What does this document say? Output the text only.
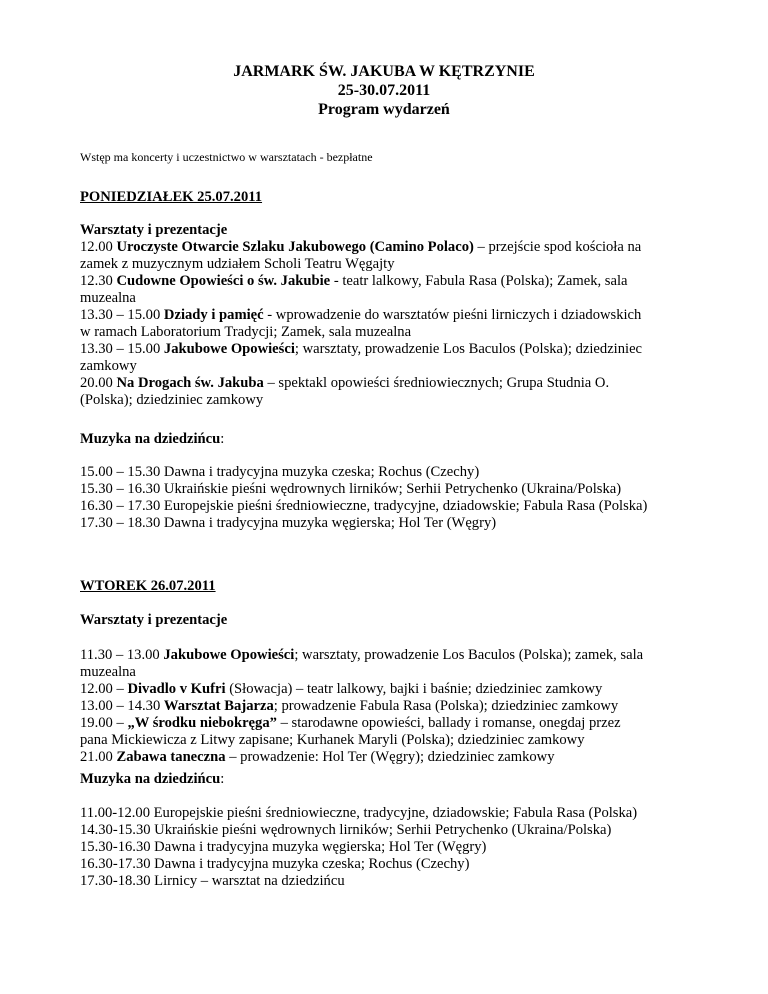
JARMARK ŚW. JAKUBA W KĘTRZYNIE
25-30.07.2011
Program wydarzeń
Wstęp ma koncerty i uczestnictwo w warsztatach - bezpłatne
PONIEDZIAŁEK 25.07.2011
Warsztaty i prezentacje
12.00 Uroczyste Otwarcie Szlaku Jakubowego (Camino Polaco) – przejście spod kościoła na
zamek z muzycznym udziałem Scholi Teatru Węgajty
12.30 Cudowne Opowieści o św. Jakubie - teatr lalkowy, Fabula Rasa (Polska); Zamek, sala
muzealna
13.30 – 15.00 Dziady i pamięć - wprowadzenie do warsztatów pieśni lirniczych i dziadowskich
w ramach Laboratorium Tradycji; Zamek, sala muzealna
13.30 – 15.00 Jakubowe Opowieści; warsztaty, prowadzenie Los Baculos (Polska); dziedziniec
zamkowy
20.00 Na Drogach św. Jakuba – spektakl opowieści średniowiecznych; Grupa Studnia O.
(Polska); dziedziniec zamkowy
Muzyka na dziedzińcu:
15.00 – 15.30 Dawna i tradycyjna muzyka czeska; Rochus (Czechy)
15.30 – 16.30 Ukraińskie pieśni wędrownych lirników; Serhii Petrychenko (Ukraina/Polska)
16.30 – 17.30 Europejskie pieśni średniowieczne, tradycyjne, dziadowskie; Fabula Rasa (Polska)
17.30 – 18.30 Dawna i tradycyjna muzyka węgierska; Hol Ter (Węgry)
WTOREK 26.07.2011
Warsztaty i prezentacje
11.30 – 13.00 Jakubowe Opowieści; warsztaty, prowadzenie Los Baculos (Polska); zamek, sala
muzealna
12.00 – Divadlo v Kufri (Słowacja) – teatr lalkowy, bajki i baśnie; dziedziniec zamkowy
13.00 – 14.30 Warsztat Bajarza; prowadzenie Fabula Rasa (Polska); dziedziniec zamkowy
19.00 – „W środku niebokręga” – starodawne opowieści, ballady i romanse, onegdaj przez
pana Mickiewicza z Litwy zapisane; Kurhanek Maryli (Polska); dziedziniec zamkowy
21.00 Zabawa taneczna – prowadzenie: Hol Ter (Węgry); dziedziniec zamkowy
Muzyka na dziedzińcu:
11.00-12.00 Europejskie pieśni średniowieczne, tradycyjne, dziadowskie; Fabula Rasa (Polska)
14.30-15.30 Ukraińskie pieśni wędrownych lirników; Serhii Petrychenko (Ukraina/Polska)
15.30-16.30 Dawna i tradycyjna muzyka węgierska; Hol Ter (Węgry)
16.30-17.30 Dawna i tradycyjna muzyka czeska; Rochus (Czechy)
17.30-18.30 Lirnicy – warsztat na dziedzińcu
